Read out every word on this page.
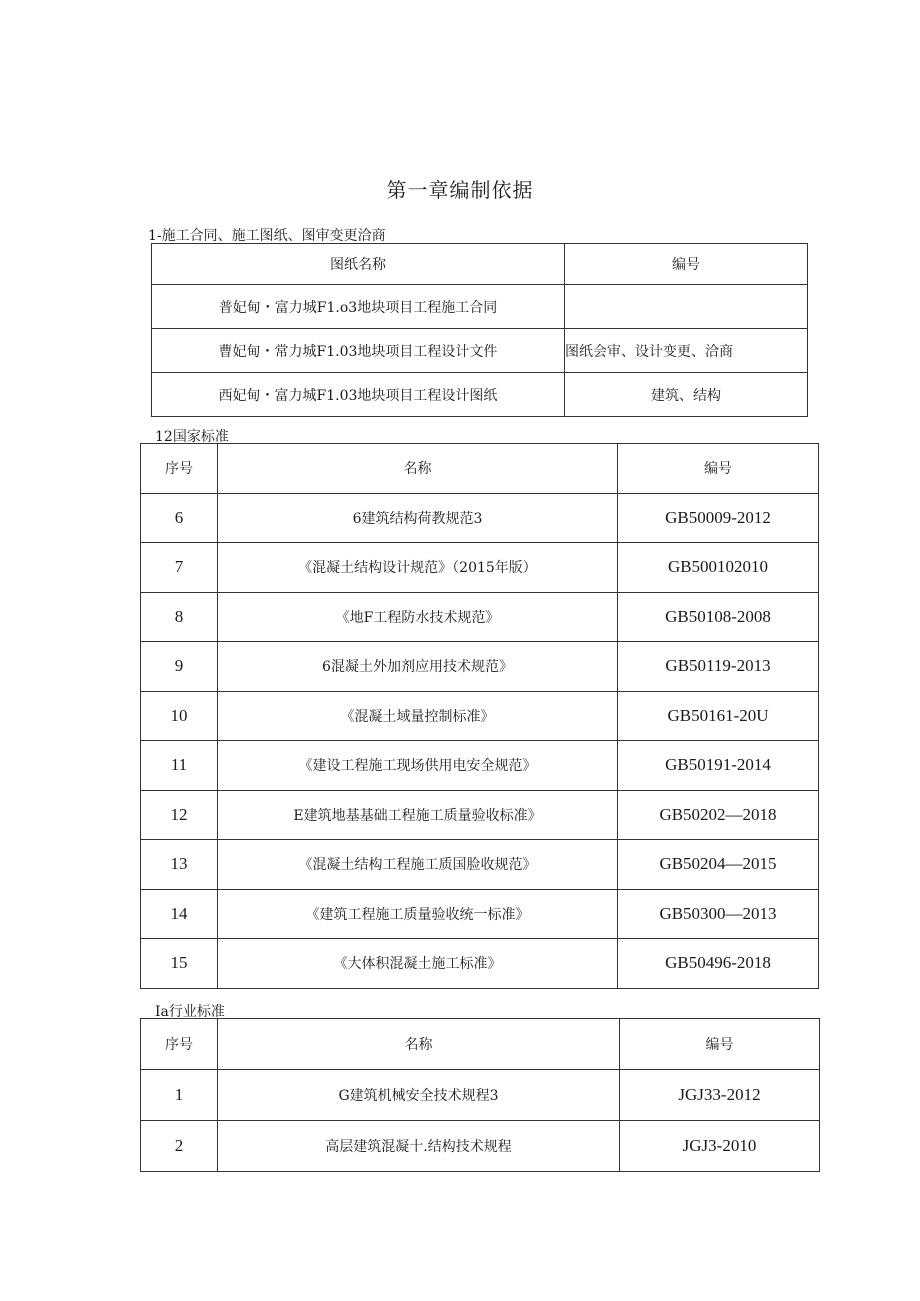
第一章编制依据
1-施工合同、施工图纸、图审变更洽商
图纸名称	编号
普妃甸・富力城F1.o3地块项目工程施工合同	
曹妃甸・常力城F1.03地块项目工程设计文件	图纸会审、设计变更、洽商
西妃甸・富力城F1.03地块项目工程设计图纸	建筑、结构
12国家标准
序号	名称	编号
6	6建筑结构荷教规范3	GB50009-2012
7	《混凝土结构设计规范》（2015年版）	GB500102010
8	《地F工程防水技术规范》	GB50108-2008
9	6混凝土外加剂应用技术规范》	GB50119-2013
10	《混凝土域量控制标准》	GB50161-20U
11	《建设工程施工现场供用电安全规范》	GB50191-2014
12	E建筑地基基础工程施工质量验收标准》	GB50202—2018
13	《混凝土结构工程施工质国脸收规范》	GB50204—2015
14	《建筑工程施工质量验收统一标准》	GB50300—2013
15	《大体积混凝土施工标准》	GB50496-2018
Ia行业标准
序号	名称	编号
1	G建筑机械安全技术规程3	JGJ33-2012
2	高层建筑混凝十.结构技术规程	JGJ3-2010
